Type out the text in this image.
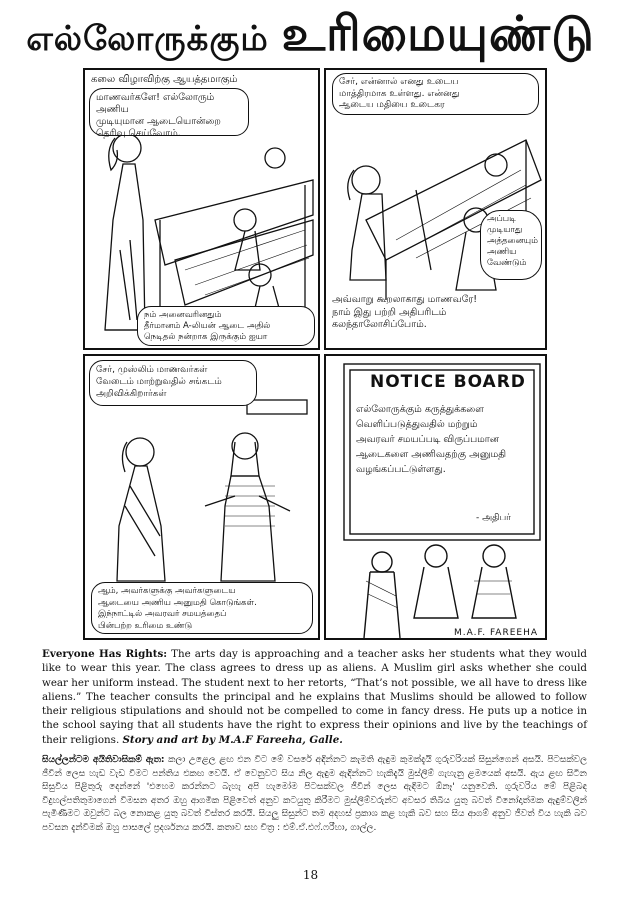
எல்லோருக்கும் உரிமையுண்டு
கலை விழாவிற்கு ஆயத்தமாகும்
மாணவர்களே! எல்லோரும் அணிய
முடியுமான ஆடையொன்றை
தெரிவு செய்வோம்.
நம் அனைவரினதும்
தீர்மானம் A-லியன் ஆடை அதில்
நெடிதல் நன்றாக இருக்கும் ஐயா
சேர், என்னால் எனது உடைய
மாத்திரமாக உள்ளது. என்னது
ஆடைய மதியை உடைகர
அப்படி
முடியாது
அத்தனையும்
அணிய வேண்டும்
அவ்வாறு கூறலாகாது மாணவரே!
நாம் இது பற்றி அதிபரிடம்
கலந்தாலோசிப்போம்.
சேர், முஸ்லிம் மாணவர்கள்
வேடைம் மாற்றுவதில் சங்கடம்
அறிவிக்கிறார்கள்
ஆம், அவர்களுக்கு அவர்களுடைய
ஆடையை அணிய அனுமதி கொடுங்கள்.
இந்நாட்டில் அவரவர் சமயத்தைப்
பின்பற்ற உரிமை உண்டு
NOTICE BOARD
எல்லோருக்கும் கருத்துக்களை
வெளிப்படுத்துவதில் மற்றும்
அவரவர் சமயப்படி விருப்பமான
ஆடைகளை அணிவதற்கு அனுமதி
வழங்கப்பட்டுள்ளது.
- அதிபர்
M.A.F. FAREEHA
Everyone Has Rights: The arts day is approaching and a teacher asks her students what they would like to wear this year. The class agrees to dress up as aliens. A Muslim girl asks whether she could wear her uniform instead. The student next to her retorts, “That’s not possible, we all have to dress like aliens.” The teacher consults the principal and he explains that Muslims should be allowed to follow their religious stipulations and should not be compelled to come in fancy dress. He puts up a notice in the school saying that all students have the right to express their opinions and live by the teachings of their religions. Story and art by M.A.F Fareeha, Galle.
සියල්ලන්ටම අයිතිවාසිකම් ඇත: කලා උළෙල ළඟ එන විට මේ වසරේ අඳින්නට කැමති ඇඳුම කුමක්දැයි ගුරුවරියක් සිසුන්ගෙන් අසයි. පිටසක්වල ජීවීන් ලෙස හැඩ වැඩ වීමට පන්තිය එකඟ වෙයි. ඒ වෙනුවට සිය නිල ඇඳුම ඇඳින්නට හැකිදැයි මුස්ලිම් ගැහැනු ළමයෙක් අසයි. ඇය ළඟ සිටින සිසුවිය පිළිතුරු දෙන්නේ 'එහෙම කරන්නට බැහැ අපි හැමෝම පිටසක්වල ජීවීන් ලෙස ඇඳිමට ඕනෑ' යනුවෙනි. ගුරුවරිය මේ පිළිබඳ විදුහල්පතිතුමාගෙන් විමසන අතර ඔහු ආගමික පිළිවෙත් අනුව කටයුතු කිරීමට මුස්ලිම්වරුන්ට අවසර තිබිය යුතු බවත් විනෝදාත්මක ඇඳුම්වලින් පැමිණීමට ඔවුන්ට බල නොකළ යුතු බවත් විස්තර කරයි. සියලු සිසුන්ට තම අදහස් ප්‍රකාශ කළ හැකි බව සහ සිය ආගම් අනුව ජීවත් විය හැකි බව පවසන දැන්වීමක් ඔහු පාසලේ ප්‍රදර්ශනය කරයි. කතාව සහ චිත්‍ර : එම්.ඒ.එෆ්.ෆරීහා, ගාල්ල.
18
